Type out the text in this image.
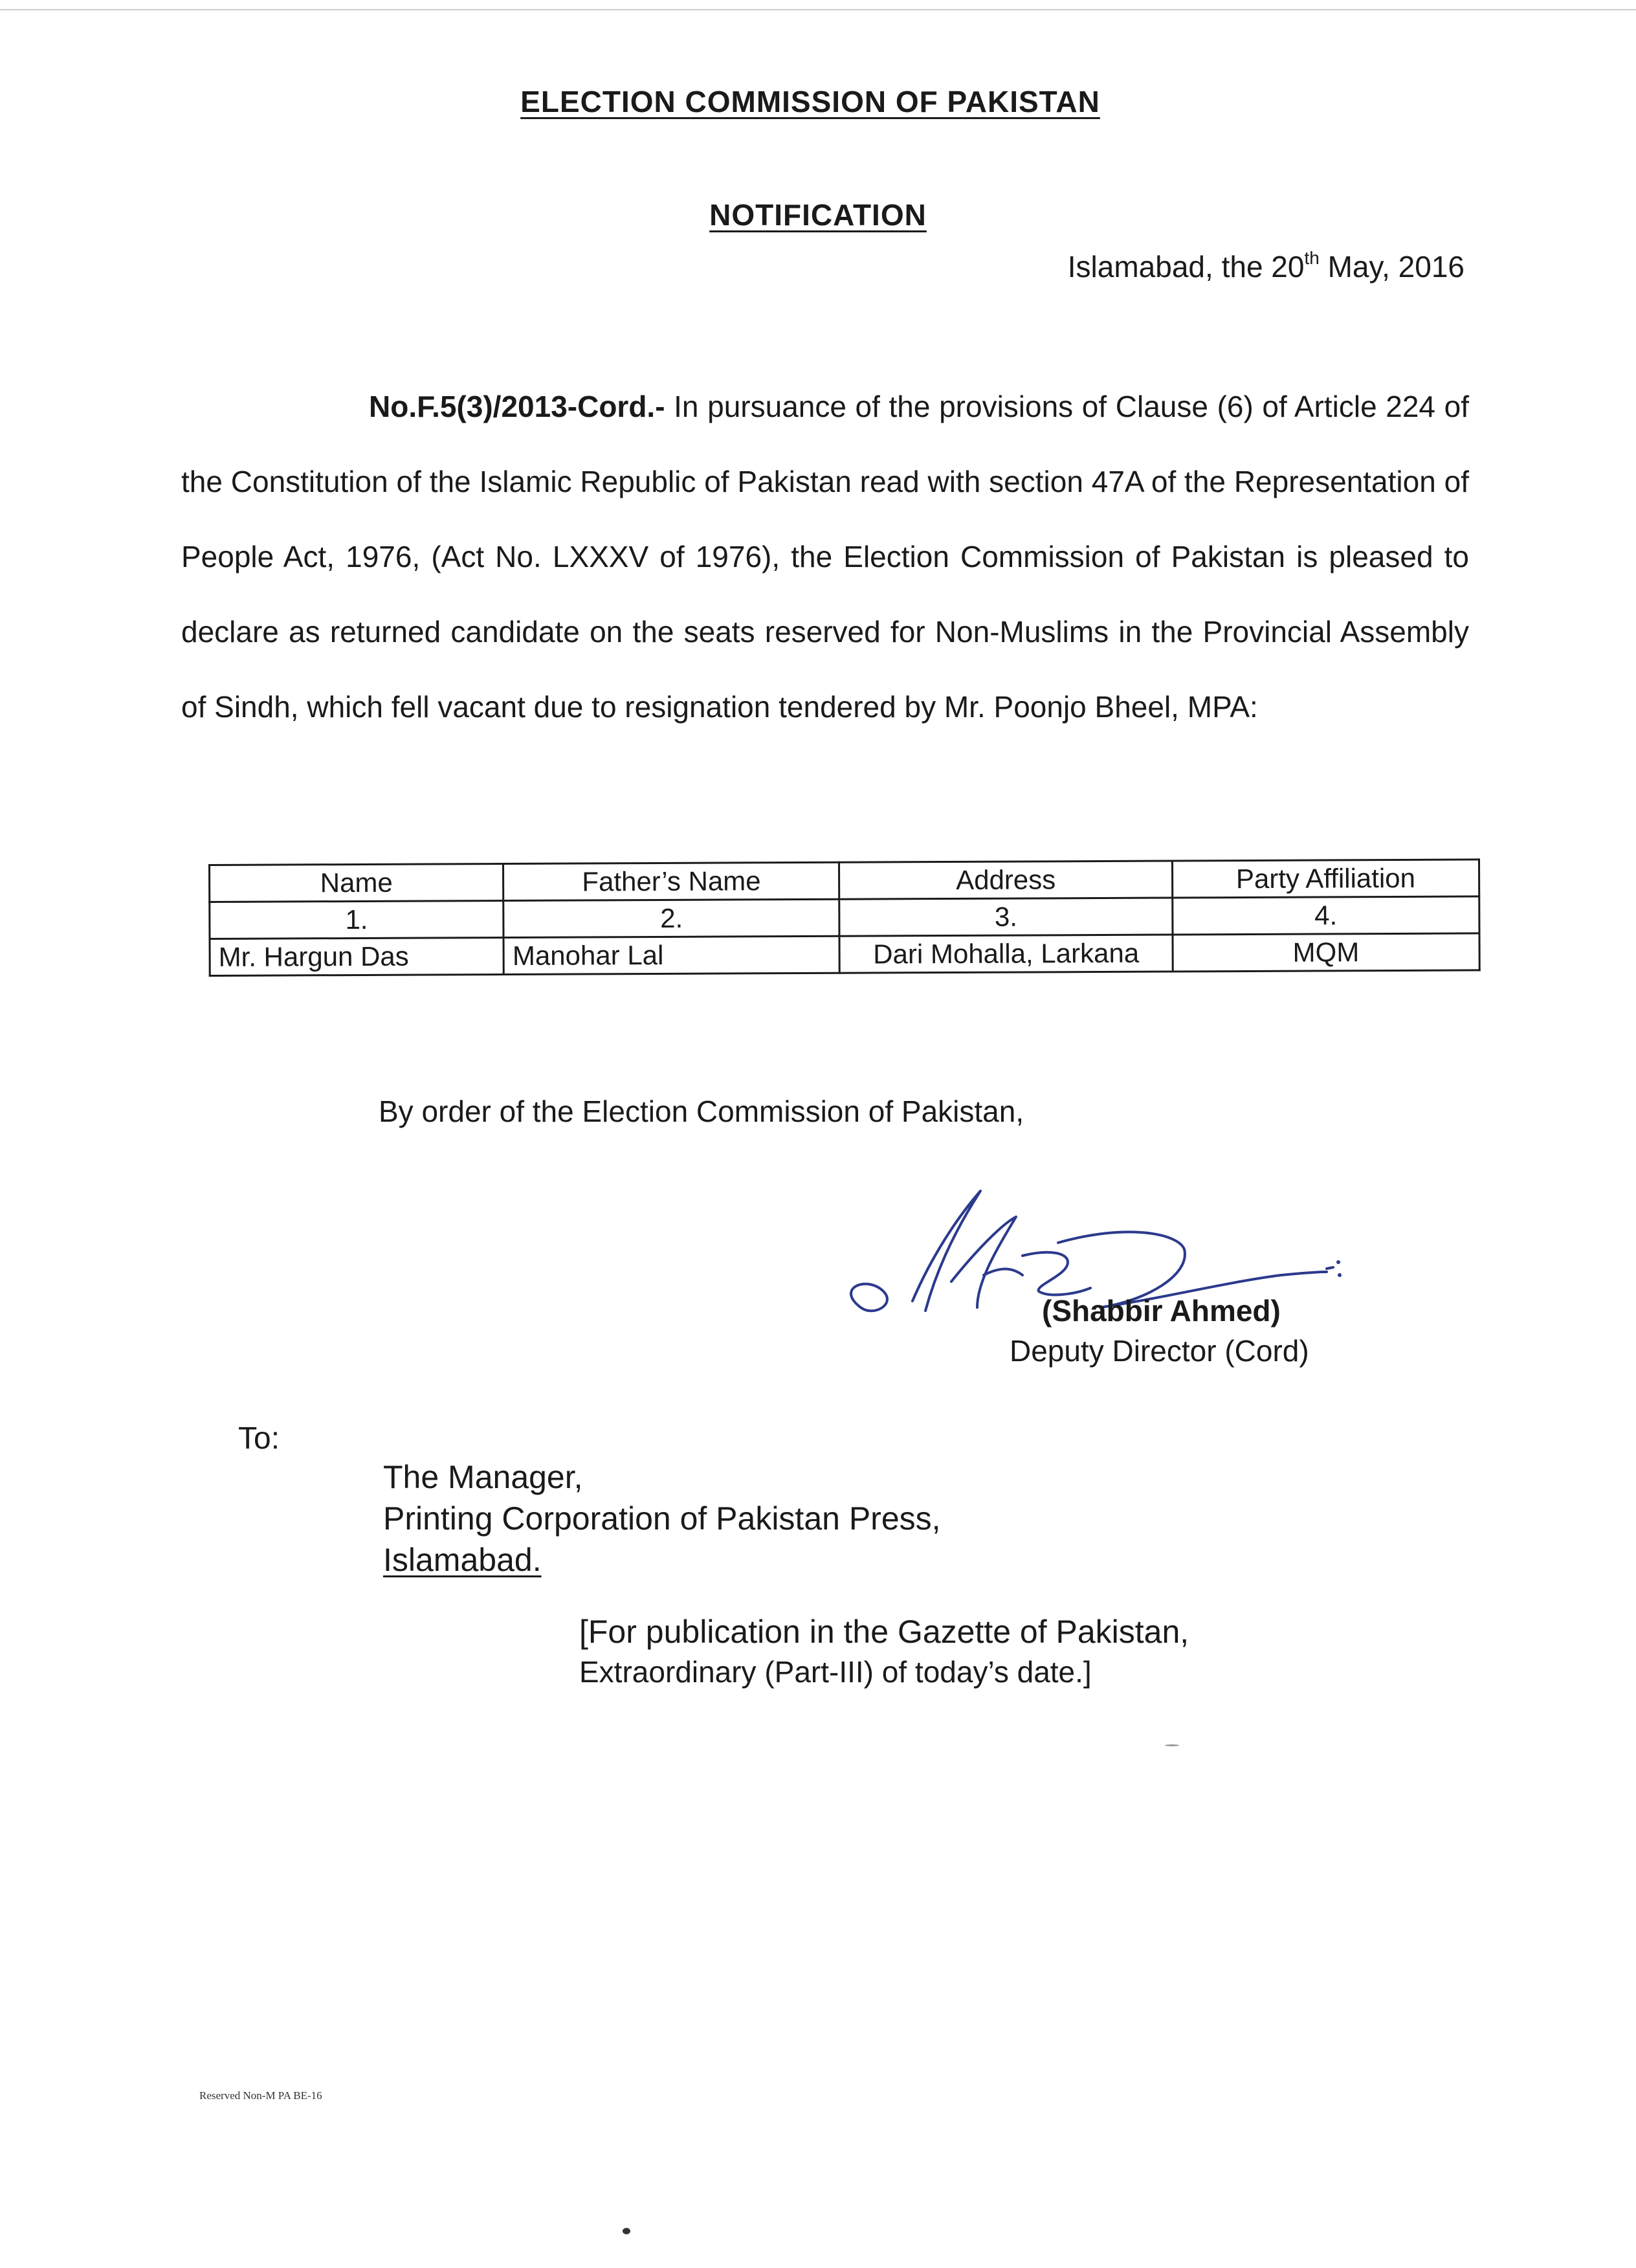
ELECTION COMMISSION OF PAKISTAN
NOTIFICATION
Islamabad, the 20th May, 2016
No.F.5(3)/2013-Cord.- In pursuance of the provisions of Clause (6) of Article 224 of the Constitution of the Islamic Republic of Pakistan read with section 47A of the Representation of People Act, 1976, (Act No. LXXXV of 1976), the Election Commission of Pakistan is pleased to declare as returned candidate on the seats reserved for Non-Muslims in the Provincial Assembly of Sindh, which fell vacant due to resignation tendered by Mr. Poonjo Bheel, MPA:
Name	Father’s Name	Address	Party Affiliation
1.	2.	3.	4.
Mr. Hargun Das	Manohar Lal	Dari Mohalla, Larkana	MQM
By order of the Election Commission of Pakistan,
(Shabbir Ahmed)
Deputy Director (Cord)
To:
The Manager,
Printing Corporation of Pakistan Press,
Islamabad.
[For publication in the Gazette of Pakistan,
Extraordinary (Part-III) of today’s date.]
Reserved Non-M PA BE-16
